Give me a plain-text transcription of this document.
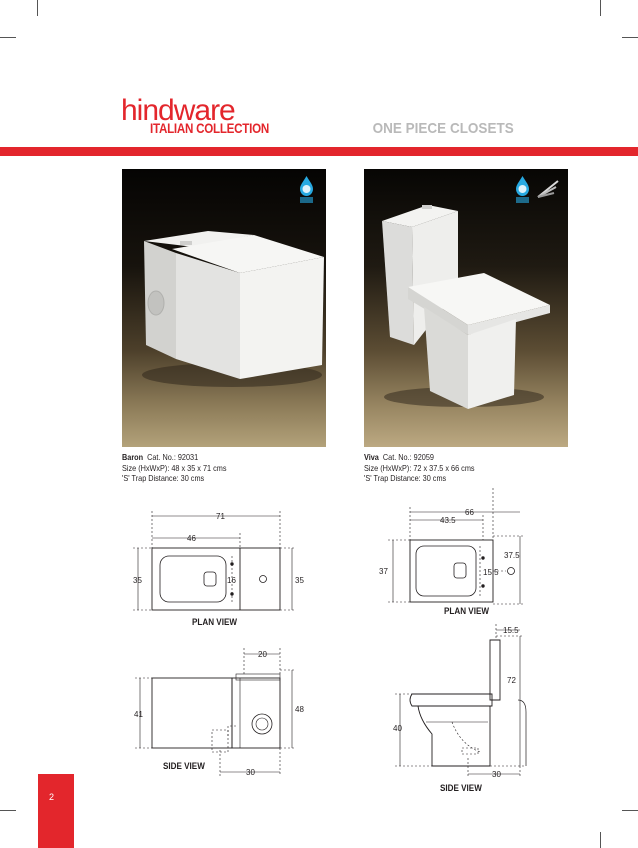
hindware
ITALIAN COLLECTION	ONE PIECE CLOSETS
Baron Cat. No.: 92031
Size (HxWxP): 48 x 35 x 71 cms
'S' Trap Distance: 30 cms
Viva Cat. No.: 92059
Size (HxWxP): 72 x 37.5 x 66 cms
'S' Trap Distance: 30 cms
71
46
35	16	35
20
41
48
30
66
43.5
37
37.5
15.5
15.5
72
40
30
PLAN VIEW
SIDE VIEW
PLAN VIEW
SIDE VIEW
2
